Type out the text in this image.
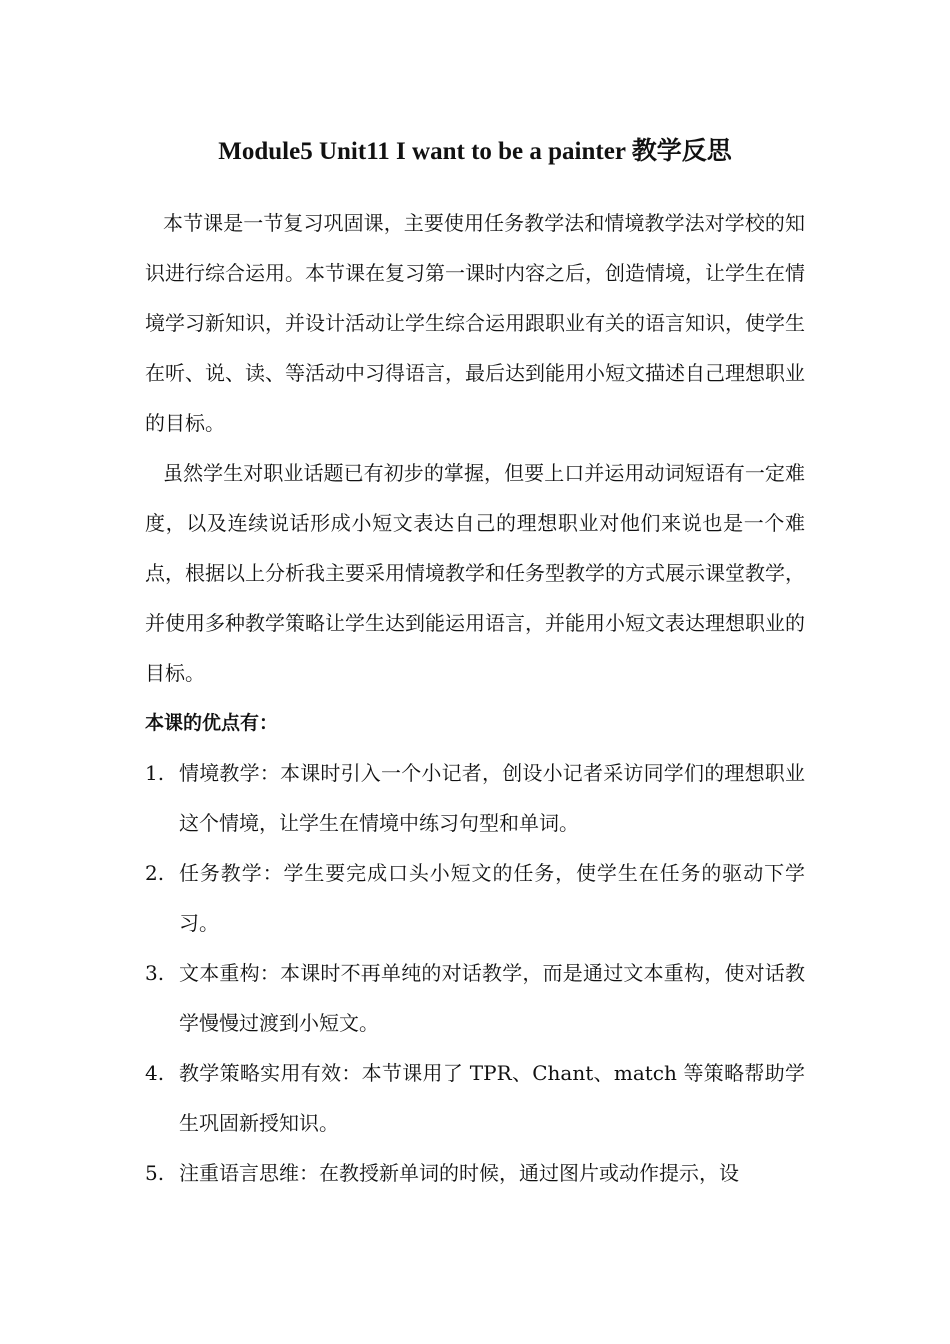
Module5 Unit11 I want to be a painter 教学反思

本节课是一节复习巩固课，主要使用任务教学法和情境教学法对学校的知识进行综合运用。本节课在复习第一课时内容之后，创造情境，让学生在情境学习新知识，并设计活动让学生综合运用跟职业有关的语言知识，使学生在听、说、读、等活动中习得语言，最后达到能用小短文描述自己理想职业的目标。

虽然学生对职业话题已有初步的掌握，但要上口并运用动词短语有一定难度，以及连续说话形成小短文表达自己的理想职业对他们来说也是一个难点，根据以上分析我主要采用情境教学和任务型教学的方式展示课堂教学，并使用多种教学策略让学生达到能运用语言，并能用小短文表达理想职业的目标。

本课的优点有：

1. 情境教学：本课时引入一个小记者，创设小记者采访同学们的理想职业这个情境，让学生在情境中练习句型和单词。
2. 任务教学：学生要完成口头小短文的任务，使学生在任务的驱动下学习。
3. 文本重构：本课时不再单纯的对话教学，而是通过文本重构，使对话教学慢慢过渡到小短文。
4. 教学策略实用有效：本节课用了 TPR、Chant、match 等策略帮助学生巩固新授知识。
5. 注重语言思维：在教授新单词的时候，通过图片或动作提示，设
